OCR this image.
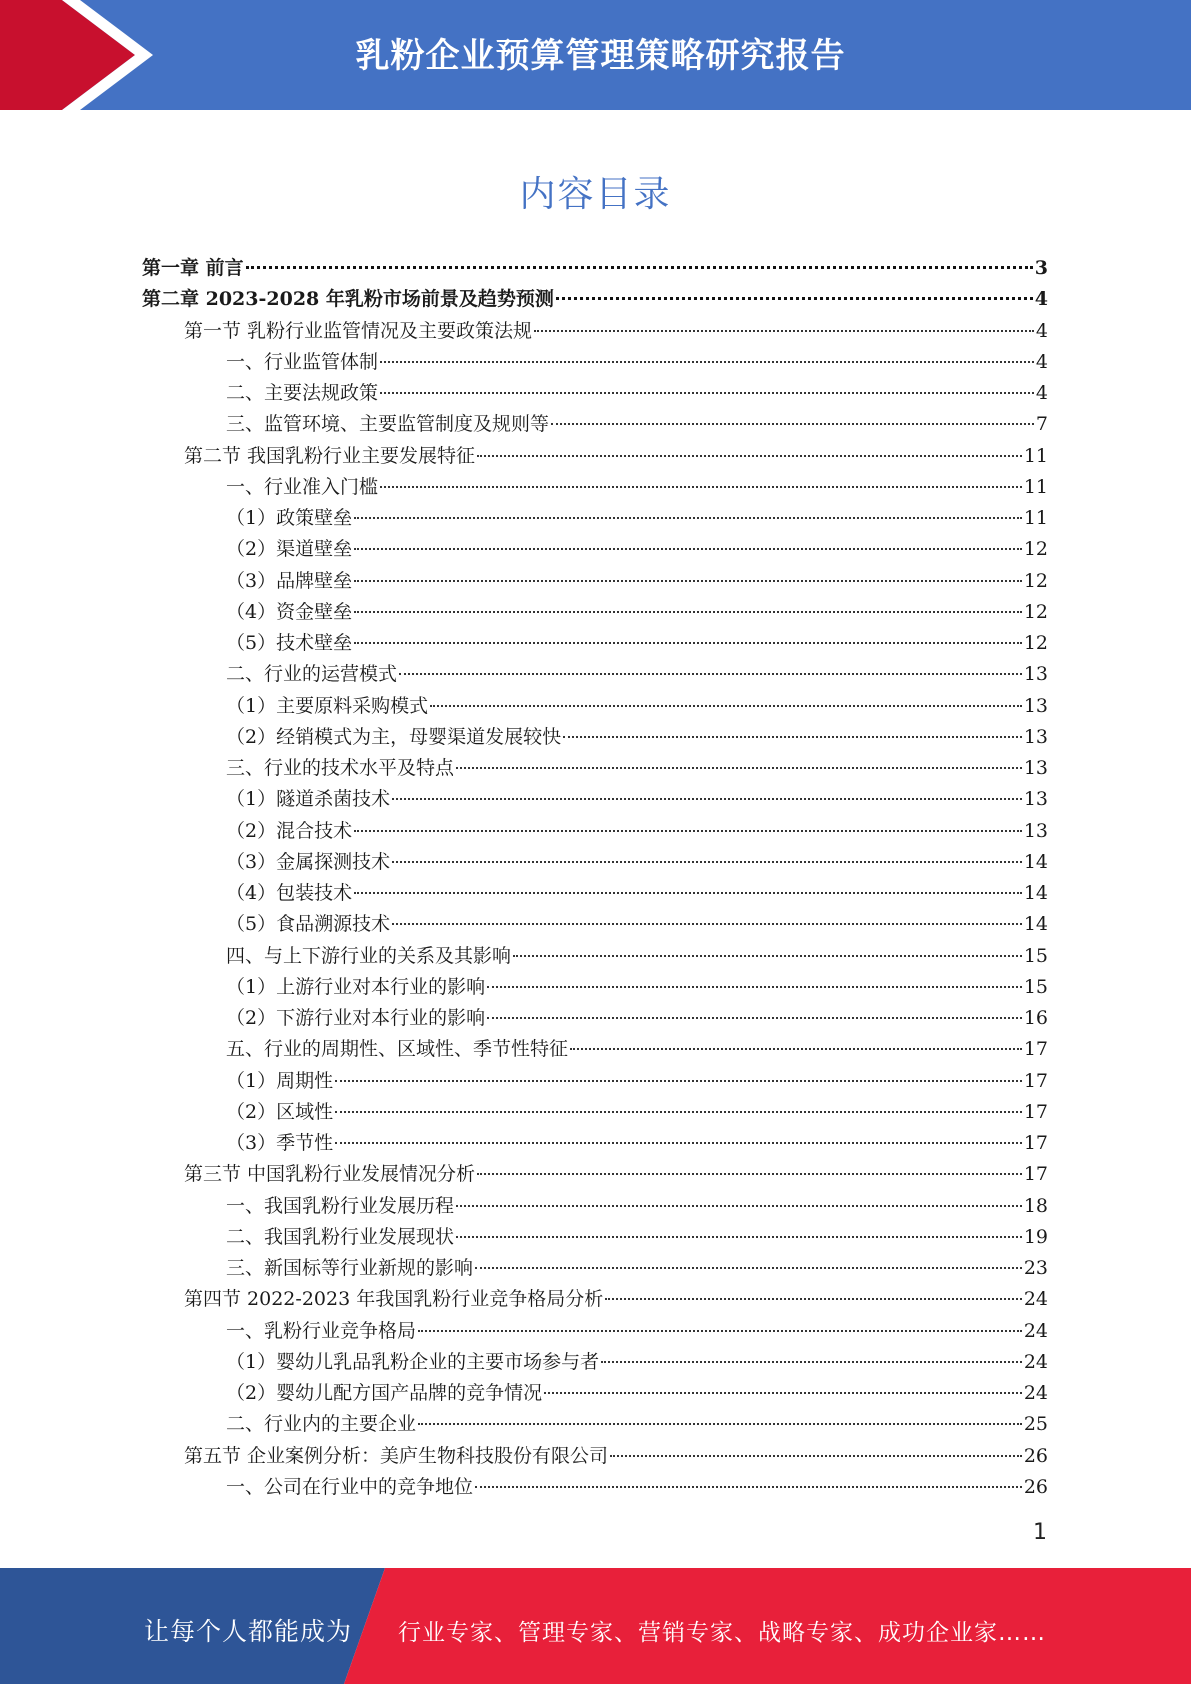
乳粉企业预算管理策略研究报告
内容目录
第一章 前言	3
第二章 2023-2028 年乳粉市场前景及趋势预测	4
第一节 乳粉行业监管情况及主要政策法规	4
一、行业监管体制	4
二、主要法规政策	4
三、监管环境、主要监管制度及规则等	7
第二节 我国乳粉行业主要发展特征	11
一、行业准入门槛	11
（1）政策壁垒	11
（2）渠道壁垒	12
（3）品牌壁垒	12
（4）资金壁垒	12
（5）技术壁垒	12
二、行业的运营模式	13
（1）主要原料采购模式	13
（2）经销模式为主，母婴渠道发展较快	13
三、行业的技术水平及特点	13
（1）隧道杀菌技术	13
（2）混合技术	13
（3）金属探测技术	14
（4）包装技术	14
（5）食品溯源技术	14
四、与上下游行业的关系及其影响	15
（1）上游行业对本行业的影响	15
（2）下游行业对本行业的影响	16
五、行业的周期性、区域性、季节性特征	17
（1）周期性	17
（2）区域性	17
（3）季节性	17
第三节 中国乳粉行业发展情况分析	17
一、我国乳粉行业发展历程	18
二、我国乳粉行业发展现状	19
三、新国标等行业新规的影响	23
第四节 2022-2023 年我国乳粉行业竞争格局分析	24
一、乳粉行业竞争格局	24
（1）婴幼儿乳品乳粉企业的主要市场参与者	24
（2）婴幼儿配方国产品牌的竞争情况	24
二、行业内的主要企业	25
第五节 企业案例分析：美庐生物科技股份有限公司	26
一、公司在行业中的竞争地位	26
1
让每个人都能成为 行业专家、管理专家、营销专家、战略专家、成功企业家……
